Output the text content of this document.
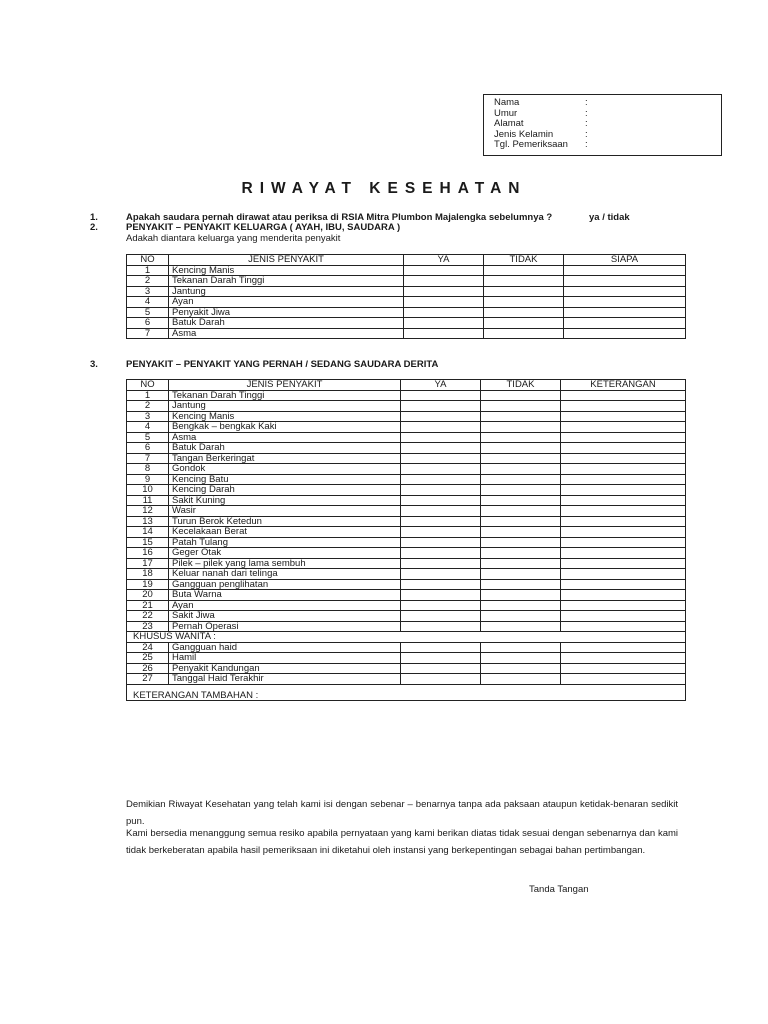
Nama	:
Umur	:
Alamat	:
Jenis Kelamin	:
Tgl. Pemeriksaan	:
RIWAYAT KESEHATAN
1.	Apakah saudara pernah dirawat atau periksa di RSIA Mitra Plumbon Majalengka sebelumnya ?	ya / tidak
2.	PENYAKIT – PENYAKIT KELUARGA ( AYAH, IBU, SAUDARA )
Adakah diantara keluarga yang menderita penyakit
NO	JENIS PENYAKIT	YA	TIDAK	SIAPA
1	Kencing Manis			
2	Tekanan Darah Tinggi			
3	Jantung			
4	Ayan			
5	Penyakit Jiwa			
6	Batuk Darah			
7	Asma			
3.	PENYAKIT – PENYAKIT YANG PERNAH / SEDANG SAUDARA DERITA
NO	JENIS PENYAKIT	YA	TIDAK	KETERANGAN
1	Tekanan Darah Tinggi			
2	Jantung			
3	Kencing Manis			
4	Bengkak – bengkak Kaki			
5	Asma			
6	Batuk Darah			
7	Tangan Berkeringat			
8	Gondok			
9	Kencing Batu			
10	Kencing Darah			
11	Sakit Kuning			
12	Wasir			
13	Turun Berok Ketedun			
14	Kecelakaan Berat			
15	Patah Tulang			
16	Geger Otak			
17	Pilek – pilek yang lama sembuh			
18	Keluar nanah dari telinga			
19	Gangguan penglihatan			
20	Buta Warna			
21	Ayan			
22	Sakit Jiwa			
23	Pernah Operasi			
KHUSUS WANITA :				
24	Gangguan haid			
25	Hamil			
26	Penyakit Kandungan			
27	Tanggal Haid Terakhir			

KETERANGAN TAMBAHAN :				
Demikian Riwayat Kesehatan yang telah kami isi dengan sebenar – benarnya tanpa ada paksaan ataupun ketidak-benaran sedikit pun.
Kami bersedia menanggung semua resiko apabila pernyataan yang kami berikan diatas tidak sesuai dengan sebenarnya dan kami tidak berkeberatan apabila hasil pemeriksaan ini diketahui oleh instansi yang berkepentingan sebagai bahan pertimbangan.
Tanda Tangan
